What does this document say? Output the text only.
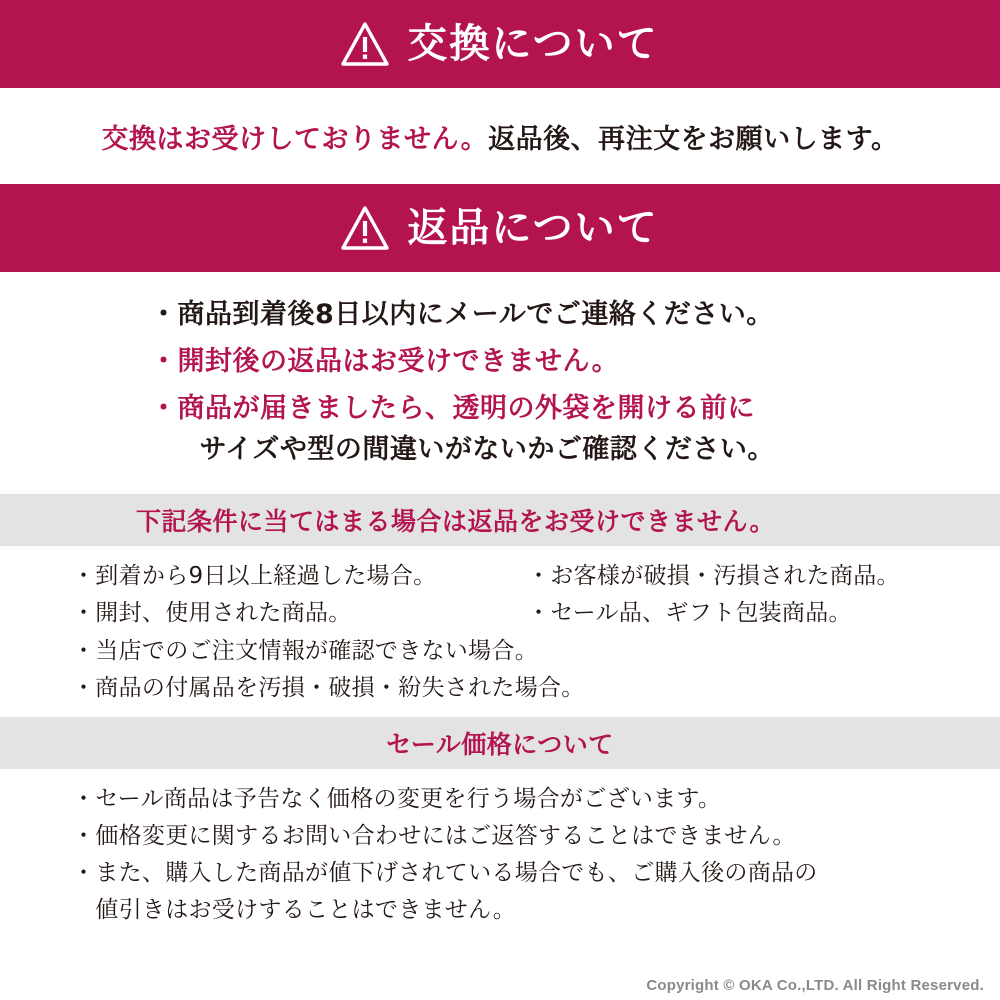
交換について
交換はお受けしておりません。返品後、再注文をお願いします。
返品について
・商品到着後8日以内にメールでご連絡ください。
・開封後の返品はお受けできません。
・商品が届きましたら、透明の外袋を開ける前に
　サイズや型の間違いがないかご確認ください。
下記条件に当てはまる場合は返品をお受けできません。
・到着から9日以上経過した場合。	・お客様が破損・汚損された商品。
・開封、使用された商品。	・セール品、ギフト包装商品。
・当店でのご注文情報が確認できない場合。
・商品の付属品を汚損・破損・紛失された場合。
セール価格について
・セール商品は予告なく価格の変更を行う場合がございます。
・価格変更に関するお問い合わせにはご返答することはできません。
・また、購入した商品が値下げされている場合でも、ご購入後の商品の
　値引きはお受けすることはできません。
Copyright © OKA Co.,LTD. All Right Reserved.
